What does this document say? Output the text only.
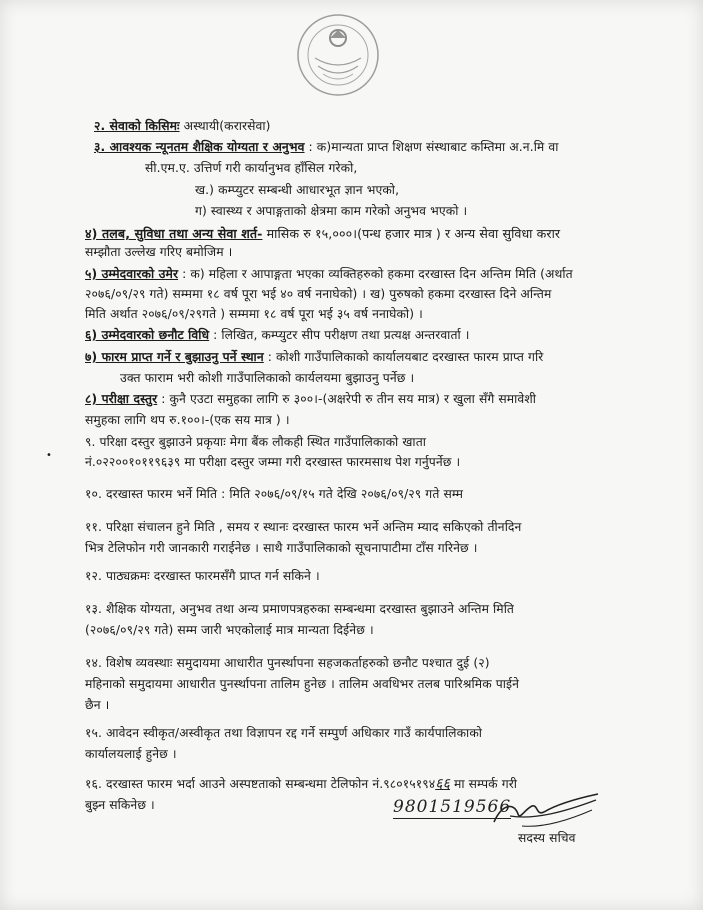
२. सेवाको किसिमः अस्थायी(करारसेवा)
३. आवश्यक न्यूनतम शैक्षिक योग्यता र अनुभव : क)मान्यता प्राप्त शिक्षण संस्थाबाट कम्तिमा अ.न.मि वा
सी.एम.ए. उत्तिर्ण गरी कार्यानुभव हाँसिल गरेको,
ख.) कम्प्युटर सम्बन्धी आधारभूत ज्ञान भएको,
ग) स्वास्थ्य र अपाङ्गताको क्षेत्रमा काम गरेको अनुभव भएको ।
४) तलब, सुविधा तथा अन्य सेवा शर्त- मासिक रु १५,०००।(पन्ध हजार मात्र ) र अन्य सेवा सुविधा करार
सम्झौता उल्लेख गरिए बमोजिम ।
५) उम्मेदवारको उमेर : क) महिला र आपाङ्गता भएका व्यक्तिहरुको हकमा दरखास्त दिन अन्तिम मिति (अर्थात
२०७६/०९/२९ गते) सम्ममा १८ वर्ष पूरा भई ४० वर्ष ननाघेको) । ख) पुरुषको हकमा दरखास्त दिने अन्तिम
मिति अर्थात २०७६/०९/२९गते ) सम्ममा १८ वर्ष पूरा भई ३५ वर्ष ननाघेको) ।
६) उम्मेदवारको छनौट विधि : लिखित, कम्प्युटर सीप परीक्षण तथा प्रत्यक्ष अन्तरवार्ता ।
७) फारम प्राप्त गर्ने र बुझाउनु पर्ने स्थान : कोशी गाउँपालिकाको कार्यालयबाट दरखास्त फारम प्राप्त गरि
उक्त फाराम भरी कोशी गाउँपालिकाको कार्यलयमा बुझाउनु पर्नेछ ।
८) परीक्षा दस्तुर : कुनै एउटा समुहका लागि रु ३००।-(अक्षरेपी रु तीन सय मात्र) र खुला सँगै समावेशी
समुहका लागि थप रु.१००।-(एक सय मात्र ) ।
९. परिक्षा दस्तुर बुझाउने प्रकृयाः मेगा बैंक लौकही स्थित गाउँपालिकाको खाता
•	नं.०२२००१०११९६३९ मा परीक्षा दस्तुर जम्मा गरी दरखास्त फारमसाथ पेश गर्नुपर्नेछ ।
१०. दरखास्त फारम भर्ने मिति : मिति २०७६/०९/१५ गते देखि २०७६/०९/२९ गते सम्म
११. परिक्षा संचालन हुने मिति , समय र स्थानः दरखास्त फारम भर्ने अन्तिम म्याद सकिएको तीनदिन
भित्र टेलिफोन गरी जानकारी गराईनेछ । साथै गाउँपालिकाको सूचनापाटीमा टाँस गरिनेछ ।
१२. पाठ्यक्रमः दरखास्त फारमसँगै प्राप्त गर्न सकिने ।
१३. शैक्षिक योग्यता, अनुभव तथा अन्य प्रमाणपत्रहरुका सम्बन्धमा दरखास्त बुझाउने अन्तिम मिति
(२०७६/०९/२९ गते) सम्म जारी भएकोलाई मात्र मान्यता दिईनेछ ।
१४. विशेष व्यवस्थाः समुदायमा आधारीत पुनर्स्थापना सहजकर्ताहरुको छनौट पश्चात दुई (२)
महिनाको समुदायमा आधारीत पुनर्स्थापना तालिम हुनेछ । तालिम अवधिभर तलब पारिश्रमिक पाईने
छैन ।
१५. आवेदन स्वीकृत/अस्वीकृत तथा विज्ञापन रद्द गर्ने सम्पुर्ण अधिकार गाउँ कार्यपालिकाको
कार्यालयलाई हुनेछ ।
१६. दरखास्त फारम भर्दा आउने अस्पष्टताको सम्बन्धमा टेलिफोन नं.९८०१५१९४६६ मा सम्पर्क गरी
बुझ्न सकिनेछ ।	9801519566
सदस्य सचिव
